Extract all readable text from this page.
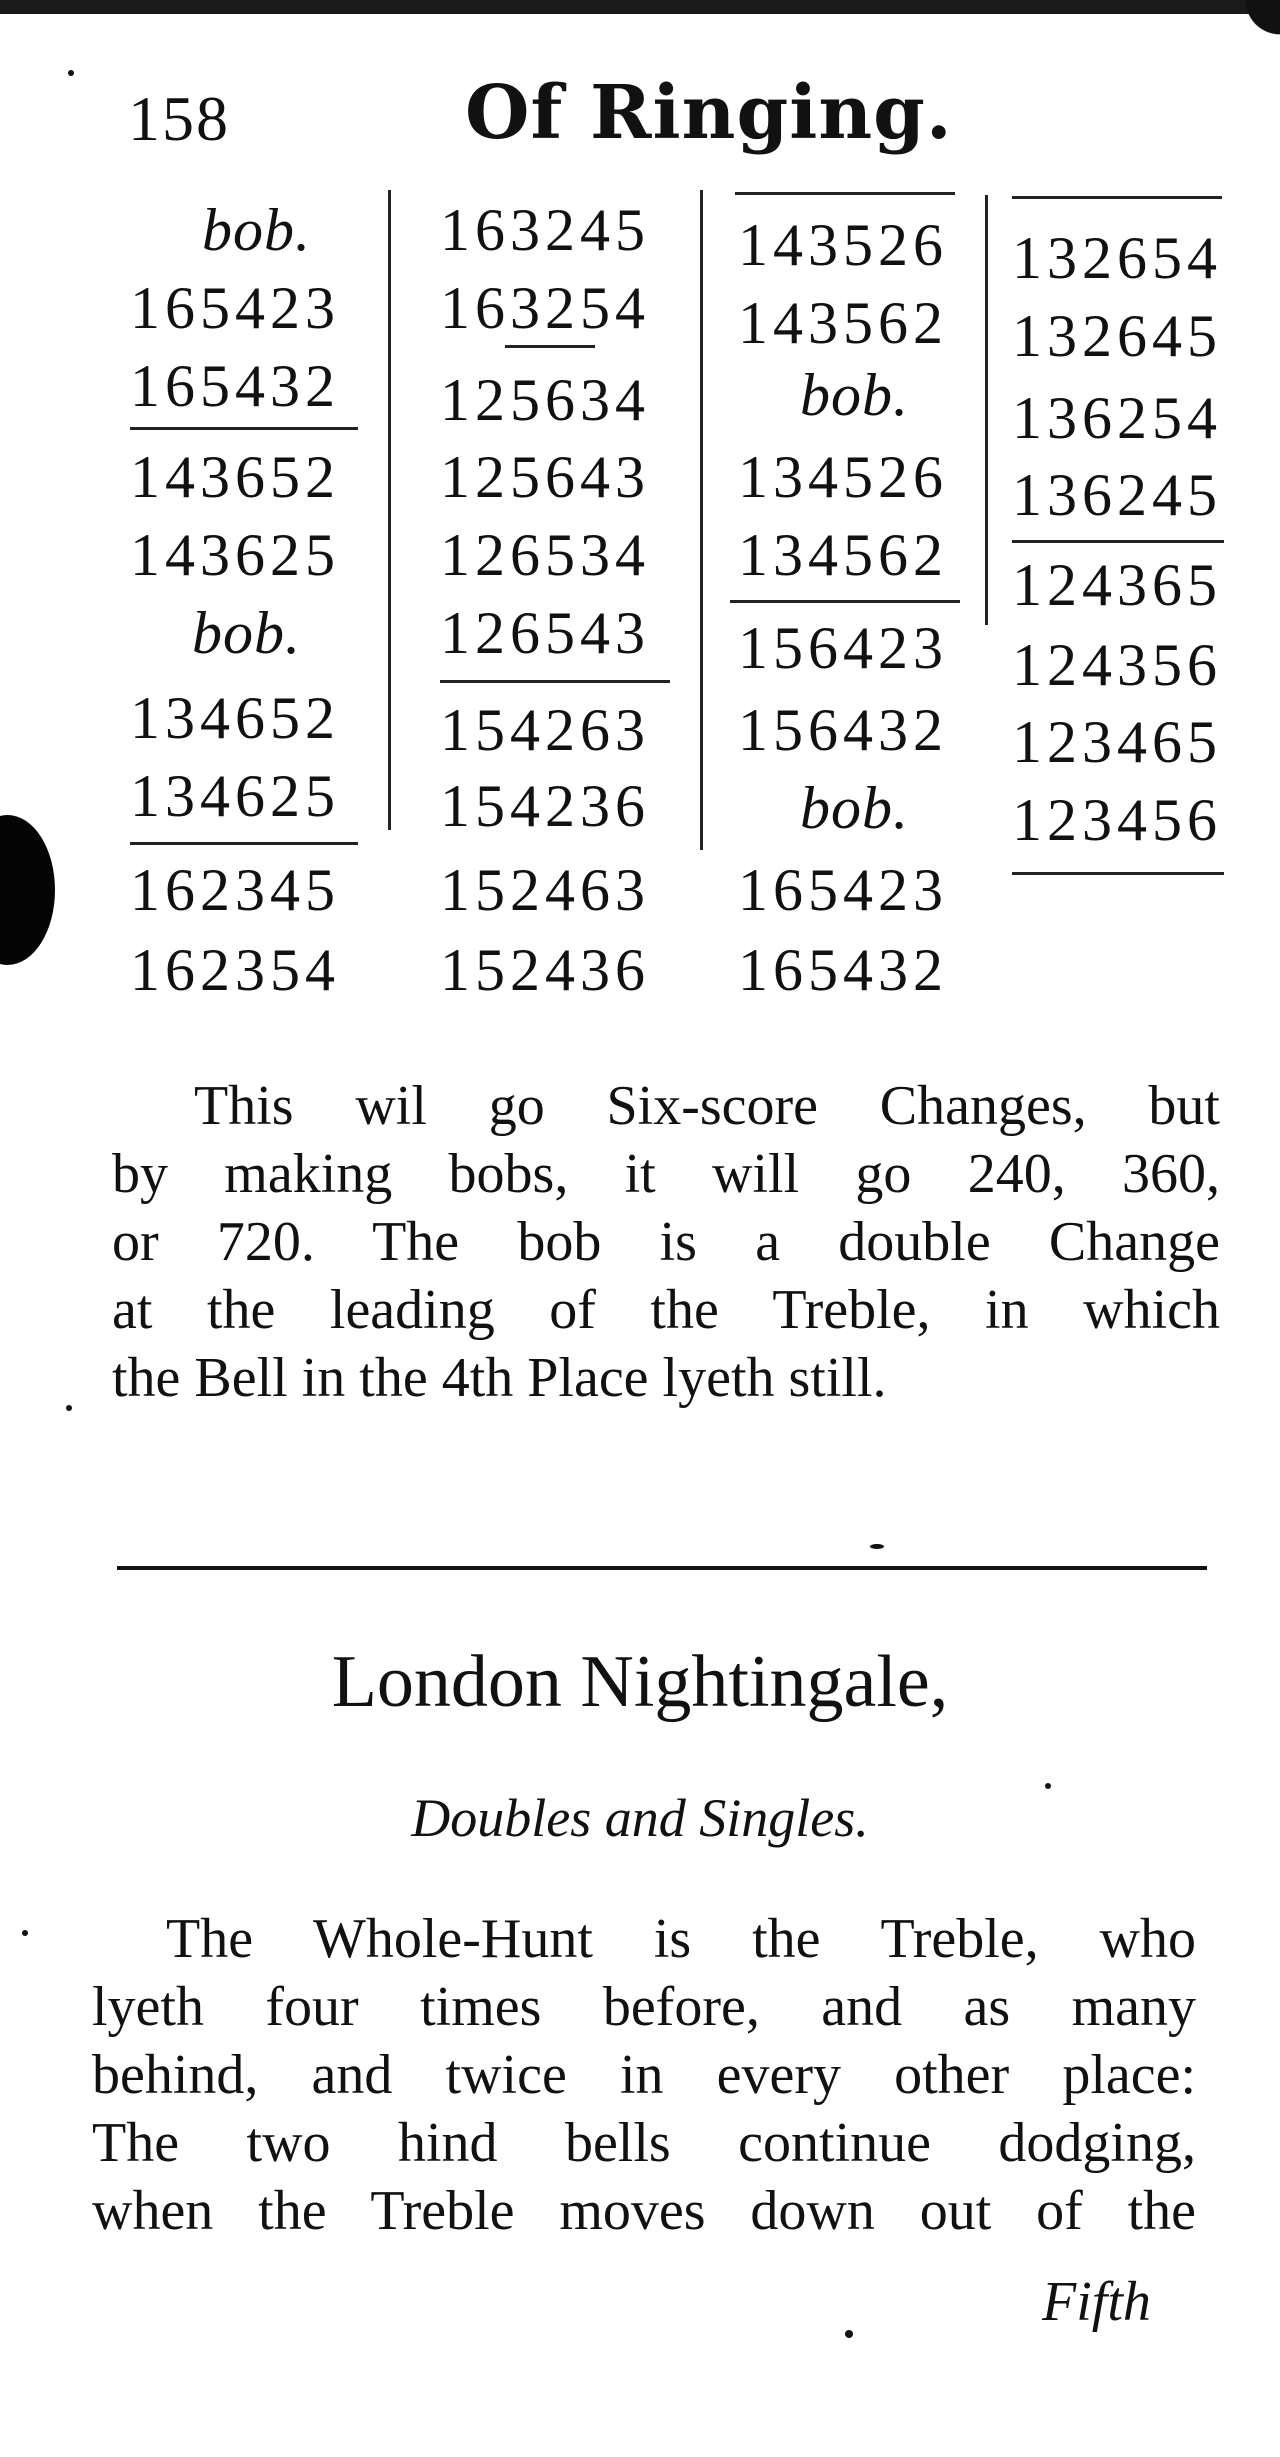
158	Of Ringing.
bob.
165423
165432
143652
143625
bob.
134652
134625
162345
162354
163245
163254
125634
125643
126534
126543
154263
154236
152463
152436
143526
143562
bob.
134526
134562
156423
156432
bob.
165423
165432
132654
132645
136254
136245
124365
124356
123465
123456
This wil go Six-score Changes, but
by making bobs, it will go 240, 360,
or 720. The bob is a double Change
at the leading of the Treble, in which
the Bell in the 4th Place lyeth still.
London Nightingale,
Doubles and Singles.
The Whole-Hunt is the Treble, who
lyeth four times before, and as many
behind, and twice in every other place:
The two hind bells continue dodging,
when the Treble moves down out of the
Fifth
